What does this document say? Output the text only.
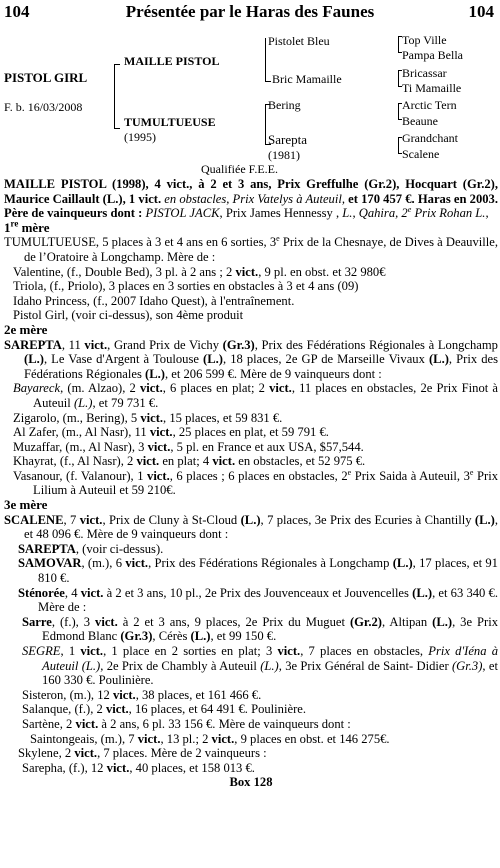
104	Présentée par le Haras des Faunes	104
PISTOL GIRL
F. b. 16/03/2008
MAILLE PISTOL
TUMULTUEUSE
(1995)
Pistolet Bleu
Bric Mamaille
Bering
Sarepta
(1981)
Top Ville
Pampa Bella
Bricassar
Ti Mamaille
Arctic Tern
Beaune
Grandchant
Scalene
Qualifiée F.E.E.

MAILLE PISTOL (1998), 4 vict., à 2 et 3 ans, Prix Greffulhe (Gr.2), Hocquart (Gr.2), Maurice Caillault (L.), 1 vict. en obstacles, Prix Vatelys à Auteuil, et 170 457 €. Haras en 2003. Père de vainqueurs dont : PISTOL JACK, Prix James Hennessy , L., Qahira, 2e Prix Rohan L.,

1re mère

TUMULTUEUSE, 5 places à 3 et 4 ans en 6 sorties, 3e Prix de la Chesnaye, de Dives à Deauville, de l’Oratoire à Longchamp. Mère de :

Valentine, (f., Double Bed), 3 pl. à 2 ans ; 2 vict., 9 pl. en obst. et 32 980€

Triola, (f., Priolo), 3 places en 3 sorties en obstacles à 3 et 4 ans (09)

Idaho Princess, (f., 2007 Idaho Quest), à l'entraînement.

Pistol Girl, (voir ci-dessus), son 4ème produit

2e mère

SAREPTA, 11 vict., Grand Prix de Vichy (Gr.3), Prix des Fédérations Régionales à Longchamp (L.), Le Vase d'Argent à Toulouse (L.), 18 places, 2e GP de Marseille Vivaux (L.), Prix des Fédérations Régionales (L.), et 206 599 €. Mère de 9 vainqueurs dont :

Bayareck, (m. Alzao), 2 vict., 6 places en plat; 2 vict., 11 places en obstacles, 2e Prix Finot à Auteuil (L.), et 79 731 €.

Zigarolo, (m., Bering), 5 vict., 15 places, et 59 831 €.

Al Zafer, (m., Al Nasr), 11 vict., 25 places en plat, et 59 791 €.

Muzaffar, (m., Al Nasr), 3 vict., 5 pl. en France et aux USA, $57,544.

Khayrat, (f., Al Nasr), 2 vict. en plat; 4 vict. en obstacles, et 52 975 €.

Vasanour, (f. Valanour), 1 vict., 6 places ; 6 places en obstacles, 2e Prix Saida à Auteuil, 3e Prix Lilium à Auteuil et 59 210€.

3e mère

SCALENE, 7 vict., Prix de Cluny à St-Cloud (L.), 7 places, 3e Prix des Ecuries à Chantilly (L.), et 48 096 €. Mère de 9 vainqueurs dont :

SAREPTA, (voir ci-dessus).

SAMOVAR, (m.), 6 vict., Prix des Fédérations Régionales à Longchamp (L.), 17 places, et 91 810 €.

Sténorée, 4 vict. à 2 et 3 ans, 10 pl., 2e Prix des Jouvenceaux et Jouvencelles (L.), et 63 340 €. Mère de :

Sarre, (f.), 3 vict. à 2 et 3 ans, 9 places, 2e Prix du Muguet (Gr.2), Altipan (L.), 3e Prix Edmond Blanc (Gr.3), Cérès (L.), et 99 150 €.

SEGRE, 1 vict., 1 place en 2 sorties en plat; 3 vict., 7 places en obstacles, Prix d'Iéna à Auteuil (L.), 2e Prix de Chambly à Auteuil (L.), 3e Prix Général de Saint- Didier (Gr.3), et 160 330 €. Poulinière.

Sisteron, (m.), 12 vict., 38 places, et 161 466 €.

Salanque, (f.), 2 vict., 16 places, et 64 491 €. Poulinière.

Sartène, 2 vict. à 2 ans, 6 pl. 33 156 €. Mère de vainqueurs dont :

Saintongeais, (m.), 7 vict., 13 pl.; 2 vict., 9 places en obst. et 146 275€.

Skylene, 2 vict., 7 places. Mère de 2 vainqueurs :

Sarepha, (f.), 12 vict., 40 places, et 158 013 €.

Box 128
